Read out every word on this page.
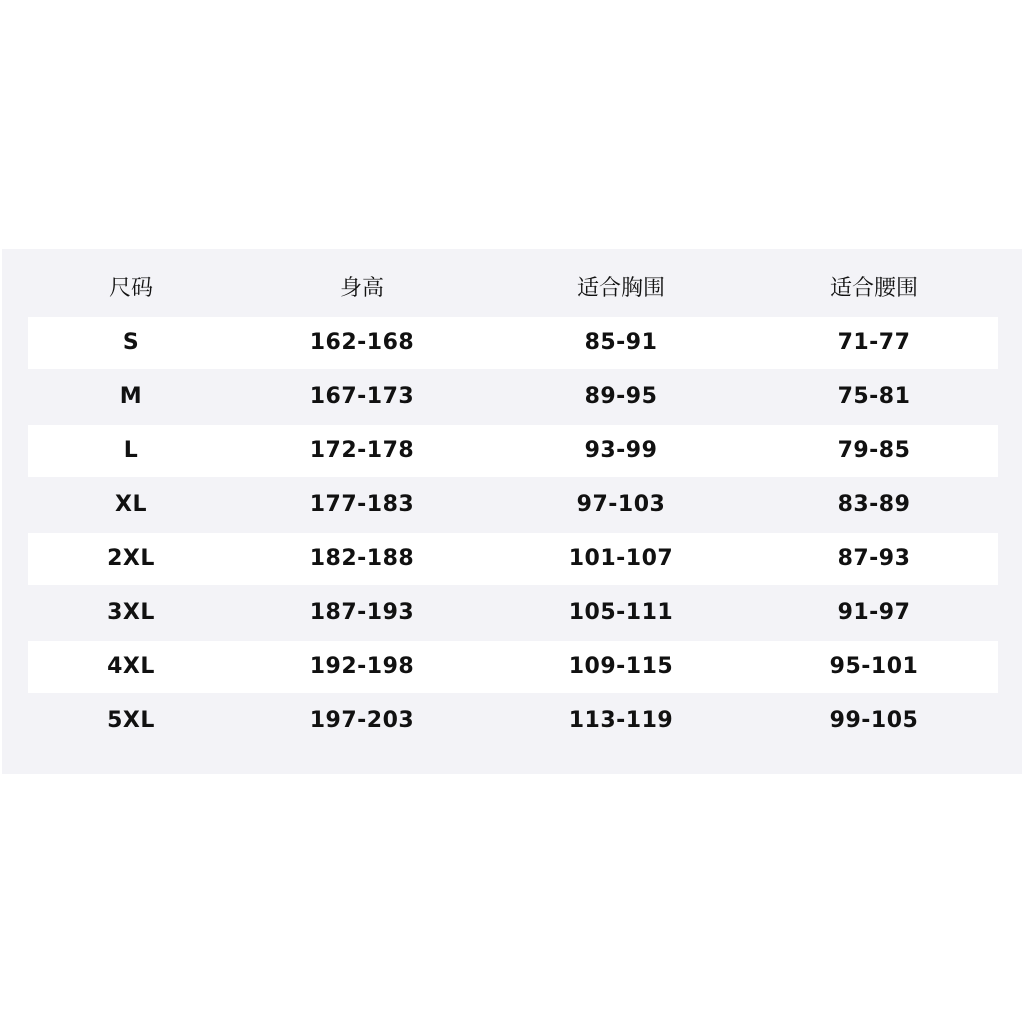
尺码	身高	适合胸围	适合腰围
S	162-168	85-91	71-77
M	167-173	89-95	75-81
L	172-178	93-99	79-85
XL	177-183	97-103	83-89
2XL	182-188	101-107	87-93
3XL	187-193	105-111	91-97
4XL	192-198	109-115	95-101
5XL	197-203	113-119	99-105
